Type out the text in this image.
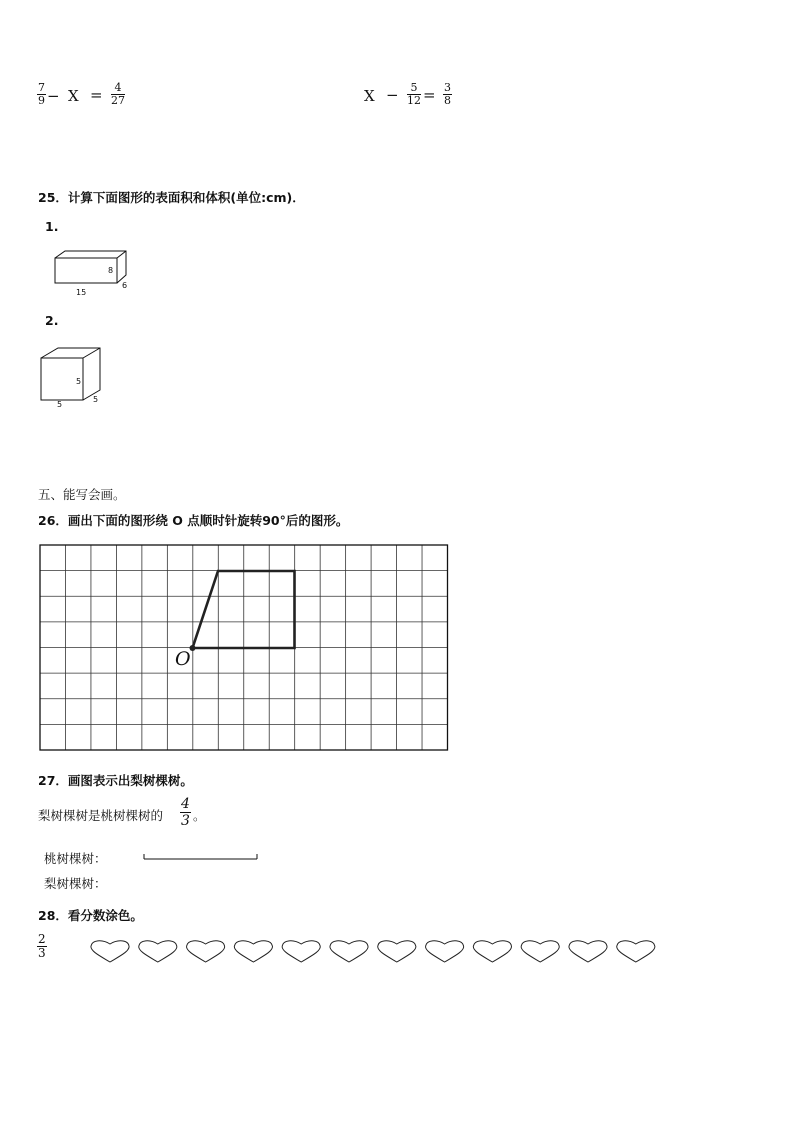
7
9 − X = 4
27	X − 5
12 = 3
8
25．计算下面图形的表面积和体积(单位:cm)．
1.
8
15
6
2.
5
5
5
五、能写会画。
26．画出下面的图形绕 O 点顺时针旋转90°后的图形。
O
27．画图表示出梨树棵树。
梨树棵树是桃树棵树的
4
3 。
桃树棵树：
梨树棵树：
28．看分数涂色。
2
3
